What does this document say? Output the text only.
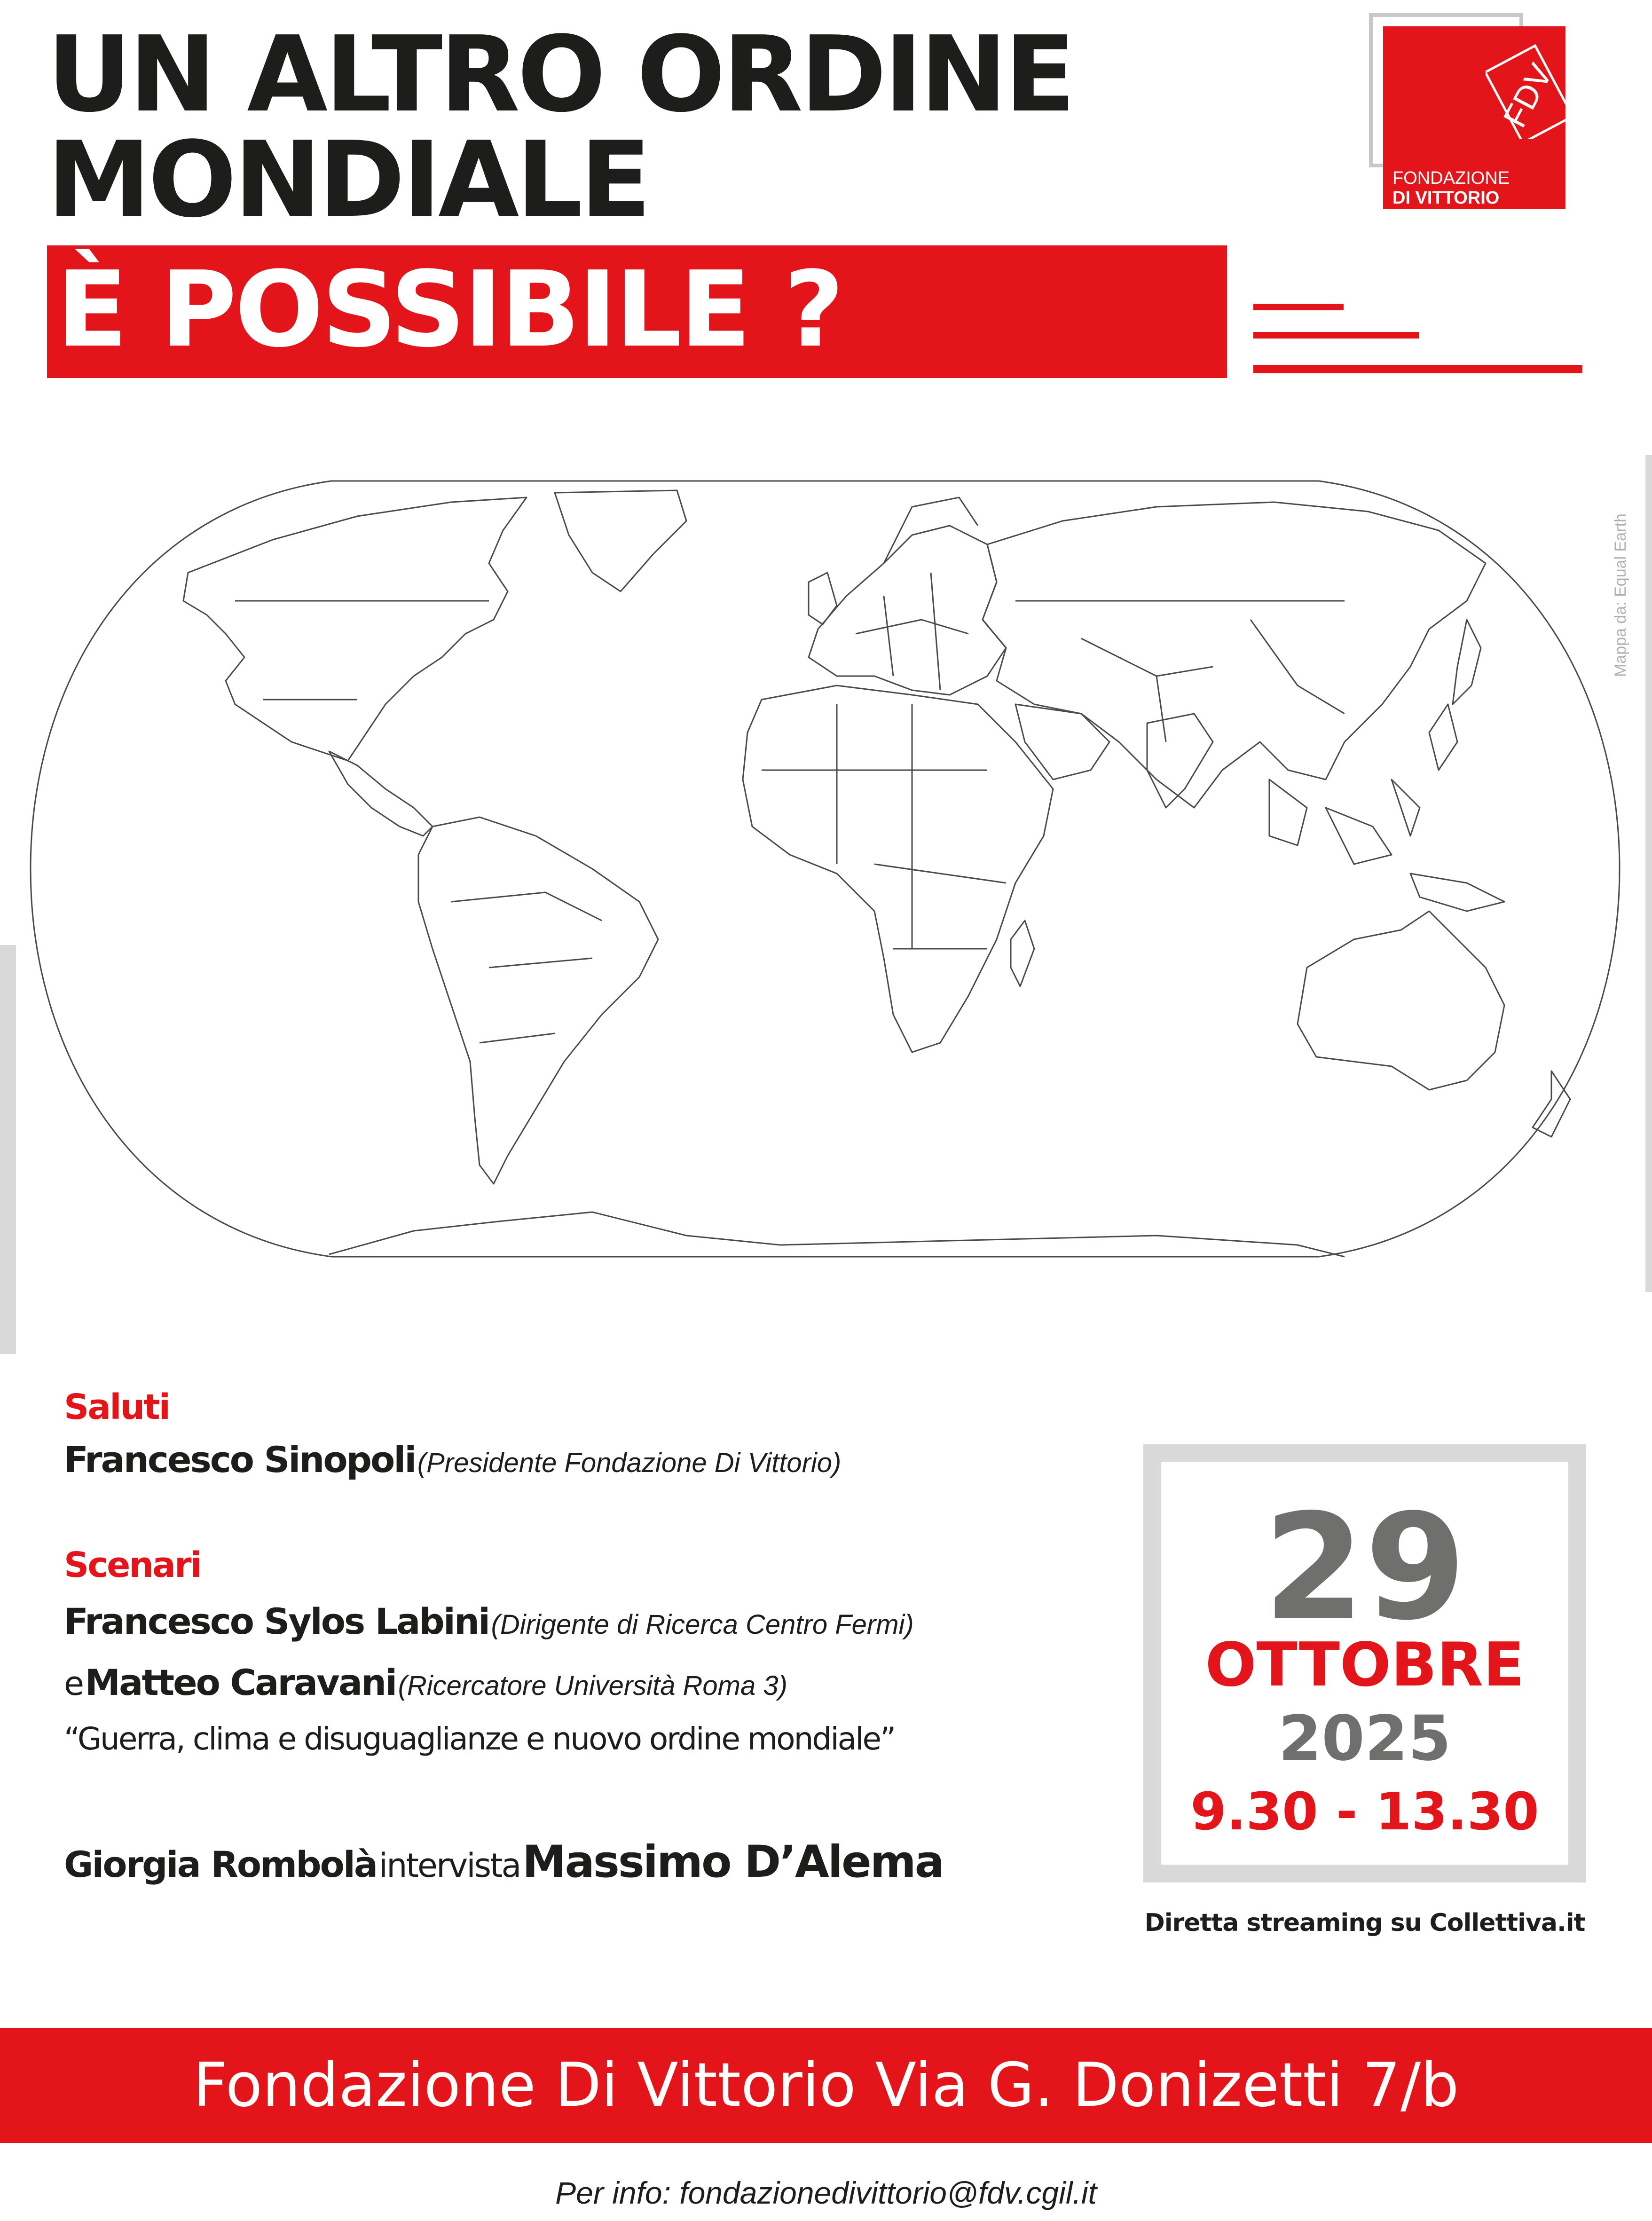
UN ALTRO ORDINE
MONDIALE
È POSSIBILE ?
FDV
FONDAZIONE
DI VITTORIO
Mappa da: Equal Earth
Saluti
Francesco Sinopoli (Presidente Fondazione Di Vittorio)
Scenari
Francesco Sylos Labini (Dirigente di Ricerca Centro Fermi)
e Matteo Caravani (Ricercatore Università Roma 3)
“Guerra, clima e disuguaglianze e nuovo ordine mondiale”
Giorgia Rombolà intervista Massimo D’Alema
29
OTTOBRE
2025
9.30 - 13.30
Diretta streaming su Collettiva.it
Fondazione Di Vittorio Via G. Donizetti 7/b
Per info: fondazionedivittorio@fdv.cgil.it
